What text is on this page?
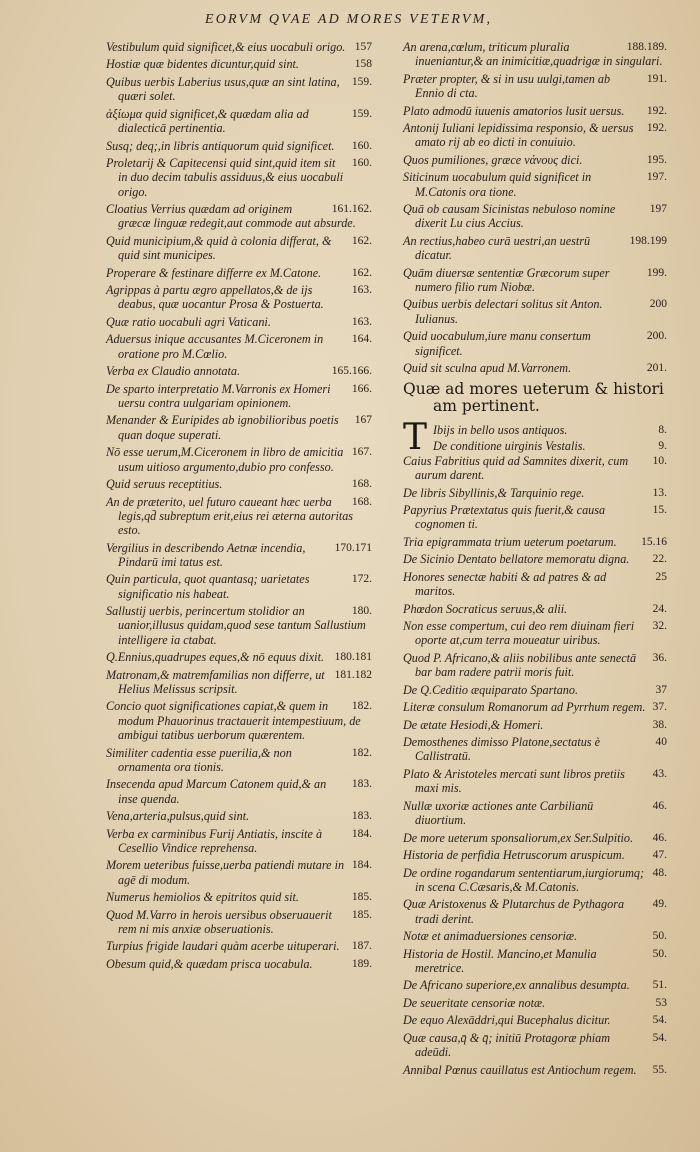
EORVM QVAE AD MORES VETERVM,
157
Vestibulum quid significet,& eius uocabuli origo.
158
Hostiæ quæ bidentes dicuntur,quid sint.
159.
Quibus uerbis Laberius usus,quæ an sint latina, quæri solet.
159.
ἀξίωμα quid significet,& quædam alia ad dialecticā pertinentia.
160.
Susq; deq;,in libris antiquorum quid significet.
160.
Proletarij & Capitecensi quid sint,quid item sit in duo decim tabulis assiduus,& eius uocabuli origo.
161.162.
Cloatius Verrius quædam ad originem græcæ linguæ redegit,aut commode aut absurde.
162.
Quid municipium,& quid à colonia differat, & quid sint municipes.
162.
Properare & festinare differre ex M.Catone.
163.
Agrippas à partu ægro appellatos,& de ijs deabus, quæ uocantur Prosa & Postuerta.
163.
Quæ ratio uocabuli agri Vaticani.
164.
Aduersus inique accusantes M.Ciceronem in oratione pro M.Cœlio.
165.166.
Verba ex Claudio annotata.
166.
De sparto interpretatio M.Varronis ex Homeri uersu contra uulgariam opinionem.
167
Menander & Euripides ab ignobilioribus poetis quan doque superati.
167.
Nō esse uerum,M.Ciceronem in libro de amicitia usum uitioso argumento,dubio pro confesso.
168.
Quid seruus receptitius.
168.
An de præterito, uel futuro caueant hæc uerba legis,qd̄ subreptum erit,eius rei æterna autoritas esto.
170.171
Vergilius in describendo Aetnæ incendia, Pindarū imi tatus est.
172.
Quin particula, quot quantasq; uarietates significatio nis habeat.
180.
Sallustij uerbis, perincertum stolidior an uanior,illusus quidam,quod sese tantum Sallustium intelligere ia ctabat.
180.181
Q.Ennius,quadrupes eques,& nō equus dixit.
181.182
Matronam,& matremfamilias non differre, ut Helius Melissus scripsit.
182.
Concio quot significationes capiat,& quem in modum Phauorinus tractauerit intempestiuum, de ambigui tatibus uerborum quærentem.
182.
Similiter cadentia esse puerilia,& non ornamenta ora tionis.
183.
Insecenda apud Marcum Catonem quid,& an inse quenda.
183.
Vena,arteria,pulsus,quid sint.
184.
Verba ex carminibus Furij Antiatis, inscite à Cesellio Vindice reprehensa.
184.
Morem ueteribus fuisse,uerba patiendi mutare in agē di modum.
185.
Numerus hemiolios & epitritos quid sit.
185.
Quod M.Varro in herois uersibus obseruauerit rem ni mis anxiæ obseruationis.
187.
Turpius frigide laudari quàm acerbe uituperari.
189.
Obesum quid,& quædam prisca uocabula.
188.189.
An arena,cœlum, triticum pluralia inueniantur,& an inimicitiæ,quadrigæ in singulari.
191.
Præter propter, & si in usu uulgi,tamen ab Ennio di cta.
192.
Plato admodū iuuenis amatorios lusit uersus.
192.
Antonij Iuliani lepidissima responsio, & uersus amato rij ab eo dicti in conuiuio.
195.
Quos pumiliones, græce νάνους dici.
197.
Siticinum uocabulum quid significet in M.Catonis ora tione.
197
Quā ob causam Sicinistas nebuloso nomine dixerit Lu cius Accius.
198.199
An rectius,habeo curā uestri,an uestrū dicatur.
199.
Quām diuersæ sententiæ Græcorum super numero filio rum Niobæ.
200
Quibus uerbis delectari solitus sit Anton. Iulianus.
200.
Quid uocabulum,iure manu consertum significet.
201.
Quid sit sculna apud M.Varronem.
Quæ ad mores ueterum & histori am pertinent.
T	8.
Ibijs in bello usos antiquos.
9.
De conditione uirginis Vestalis.
10.
Caius Fabritius quid ad Samnites dixerit, cum aurum darent.
13.
De libris Sibyllinis,& Tarquinio rege.
15.
Papyrius Prætextatus quis fuerit,& causa cognomen ti.
15.16
Tria epigrammata trium ueterum poetarum.
22.
De Sicinio Dentato bellatore memoratu digna.
25
Honores senectæ habiti & ad patres & ad maritos.
24.
Phœdon Socraticus seruus,& alii.
32.
Non esse compertum, cui deo rem diuinam fieri oporte at,cum terra moueatur uiribus.
36.
Quod P. Africano,& aliis nobilibus ante senectā bar bam radere patrii moris fuit.
37
De Q.Ceditio æquiparato Spartano.
37.
Literæ consulum Romanorum ad Pyrrhum regem.
38.
De ætate Hesiodi,& Homeri.
40
Demosthenes dimisso Platone,sectatus è Callistratū.
43.
Plato & Aristoteles mercati sunt libros pretiis maxi mis.
46.
Nullæ uxoriæ actiones ante Carbilianū diuortium.
46.
De more ueterum sponsaliorum,ex Ser.Sulpitio.
47.
Historia de perfidia Hetruscorum aruspicum.
48.
De ordine rogandarum sententiarum,iurgiorumq; in scena C.Cæsaris,& M.Catonis.
49.
Quæ Aristoxenus & Plutarchus de Pythagora tradi derint.
50.
Notæ et animaduersiones censoriæ.
50.
Historia de Hostil. Mancino,et Manulia meretrice.
51.
De Africano superiore,ex annalibus desumpta.
53
De seueritate censoriæ notæ.
54.
De equo Alexāddri,qui Bucephalus dicitur.
54.
Quæ causa,q̄ & q̄; initiū Protagoræ phiam adeūdi.
55.
Annibal Pœnus cauillatus est Antiochum regem.
